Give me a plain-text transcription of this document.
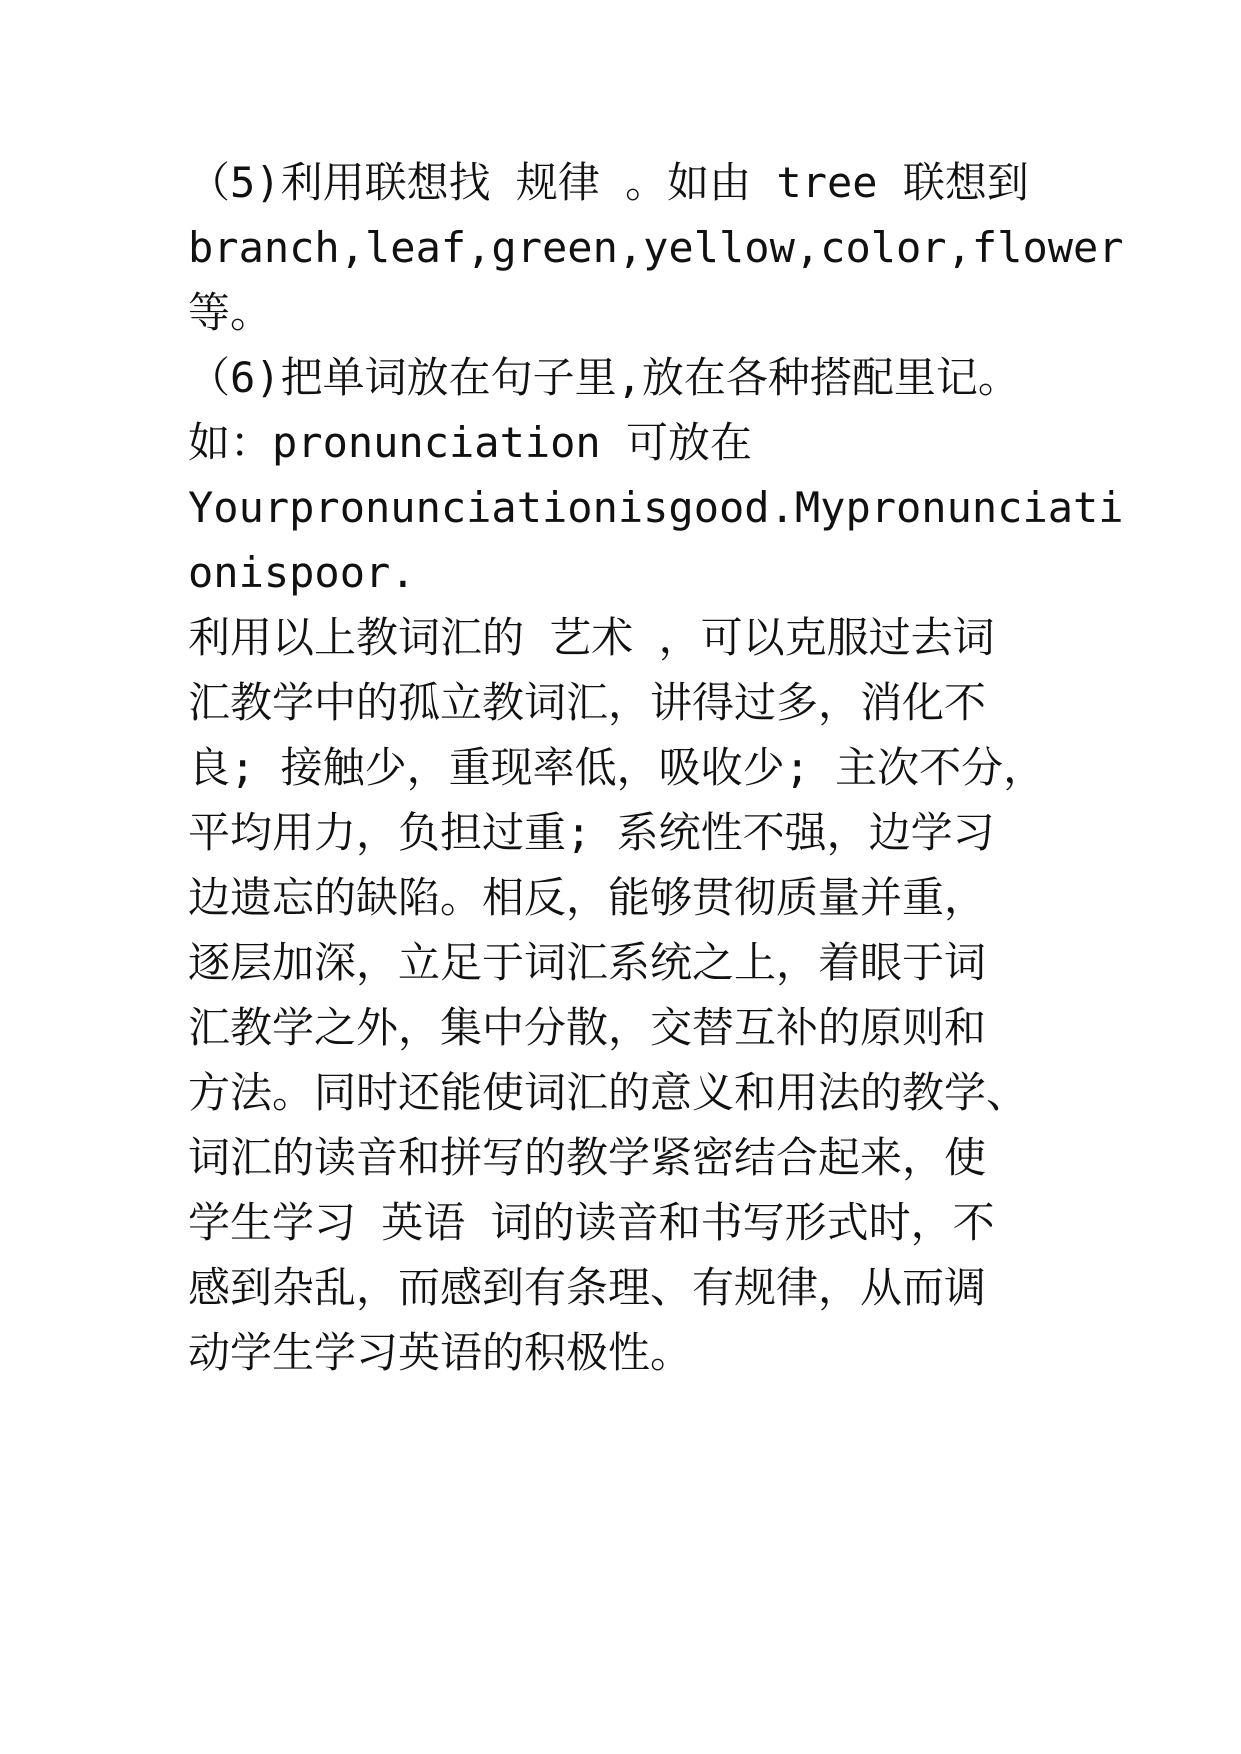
（5)利用联想找 规律 。如由 tree 联想到
branch,leaf,green,yellow,color,flower
等。
（6)把单词放在句子里,放在各种搭配里记。
如：pronunciation 可放在
Yourpronunciationisgood.Mypronunciati
onispoor.
利用以上教词汇的 艺术 ，可以克服过去词
汇教学中的孤立教词汇，讲得过多，消化不
良; 接触少，重现率低，吸收少; 主次不分，
平均用力，负担过重; 系统性不强，边学习
边遗忘的缺陷。相反，能够贯彻质量并重，
逐层加深，立足于词汇系统之上，着眼于词
汇教学之外，集中分散，交替互补的原则和
方法。同时还能使词汇的意义和用法的教学、
词汇的读音和拼写的教学紧密结合起来，使
学生学习 英语 词的读音和书写形式时，不
感到杂乱，而感到有条理、有规律，从而调
动学生学习英语的积极性。
